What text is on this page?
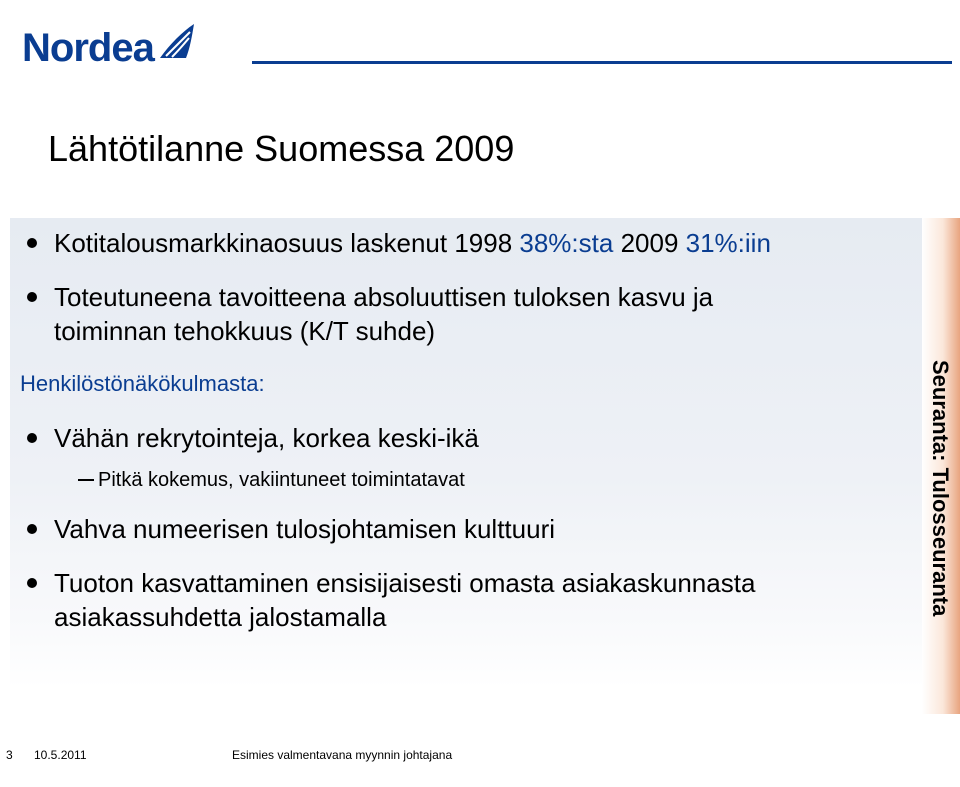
Nordea
Lähtötilanne Suomessa 2009
Seuranta: Tulosseuranta
Kotitalousmarkkinaosuus laskenut 1998 38%:sta 2009 31%:iin
Toteutuneena tavoitteena absoluuttisen tuloksen kasvu ja
toiminnan tehokkuus (K/T suhde)
Henkilöstönäkökulmasta:
Vähän rekrytointeja, korkea keski-ikä
Pitkä kokemus, vakiintuneet toimintatavat
Vahva numeerisen tulosjohtamisen kulttuuri
Tuoton kasvattaminen ensisijaisesti omasta asiakaskunnasta
asiakassuhdetta jalostamalla
3 10.5.2011	Esimies valmentavana myynnin johtajana
